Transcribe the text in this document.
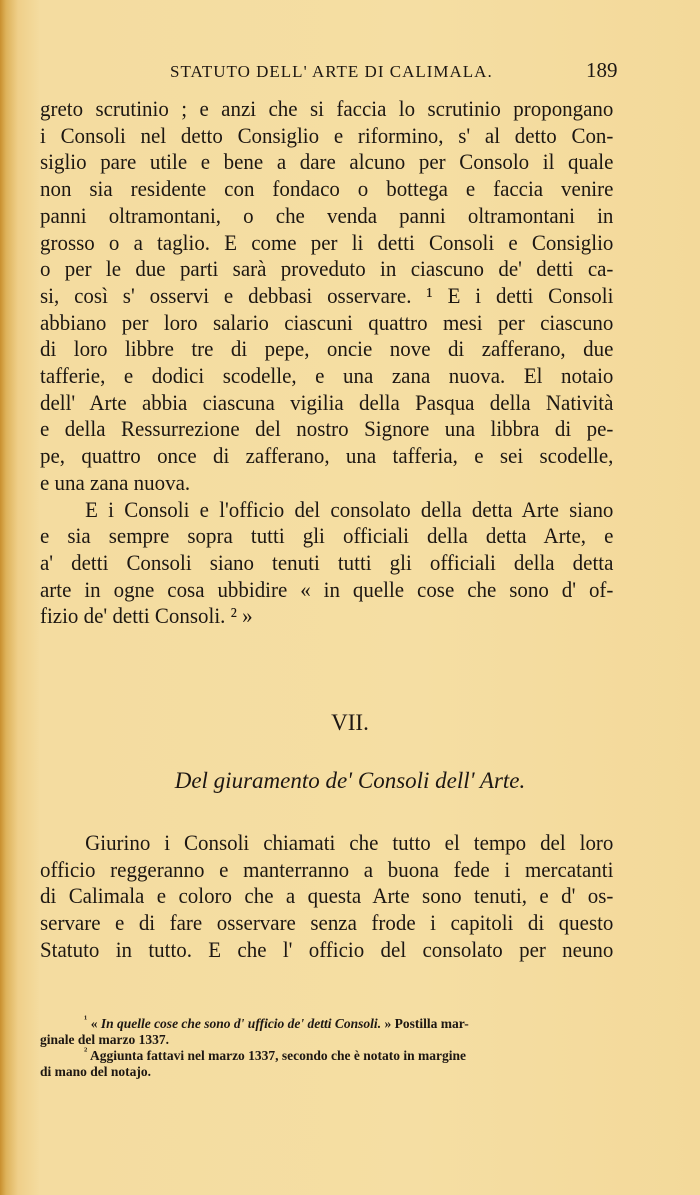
STATUTO DELL' ARTE DI CALIMALA.	189
greto scrutinio ; e anzi che si faccia lo scrutinio propongano
i Consoli nel detto Consiglio e riformino, s' al detto Con-
siglio pare utile e bene a dare alcuno per Consolo il quale
non sia residente con fondaco o bottega e faccia venire
panni oltramontani, o che venda panni oltramontani in
grosso o a taglio. E come per li detti Consoli e Consiglio
o per le due parti sarà proveduto in ciascuno de' detti ca-
si, così s' osservi e debbasi osservare. ¹ E i detti Consoli
abbiano per loro salario ciascuni quattro mesi per ciascuno
di loro libbre tre di pepe, oncie nove di zafferano, due
tafferie, e dodici scodelle, e una zana nuova. El notaio
dell' Arte abbia ciascuna vigilia della Pasqua della Natività
e della Ressurrezione del nostro Signore una libbra di pe-
pe, quattro once di zafferano, una tafferia, e sei scodelle,
e una zana nuova.
E i Consoli e l'officio del consolato della detta Arte siano
e sia sempre sopra tutti gli officiali della detta Arte, e
a' detti Consoli siano tenuti tutti gli officiali della detta
arte in ogne cosa ubbidire « in quelle cose che sono d' of-
fizio de' detti Consoli. ² »
VII.
Del giuramento de' Consoli dell' Arte.
Giurino i Consoli chiamati che tutto el tempo del loro
officio reggeranno e manterranno a buona fede i mercatanti
di Calimala e coloro che a questa Arte sono tenuti, e d' os-
servare e di fare osservare senza frode i capitoli di questo
Statuto in tutto. E che l' officio del consolato per neuno
$^{^1}$ « In quelle cose che sono d' ufficio de' detti Consoli. » Postilla mar-
ginale del marzo 1337.
$^{^2}$ Aggiunta fattavi nel marzo 1337, secondo che è notato in margine
di mano del notajo.
